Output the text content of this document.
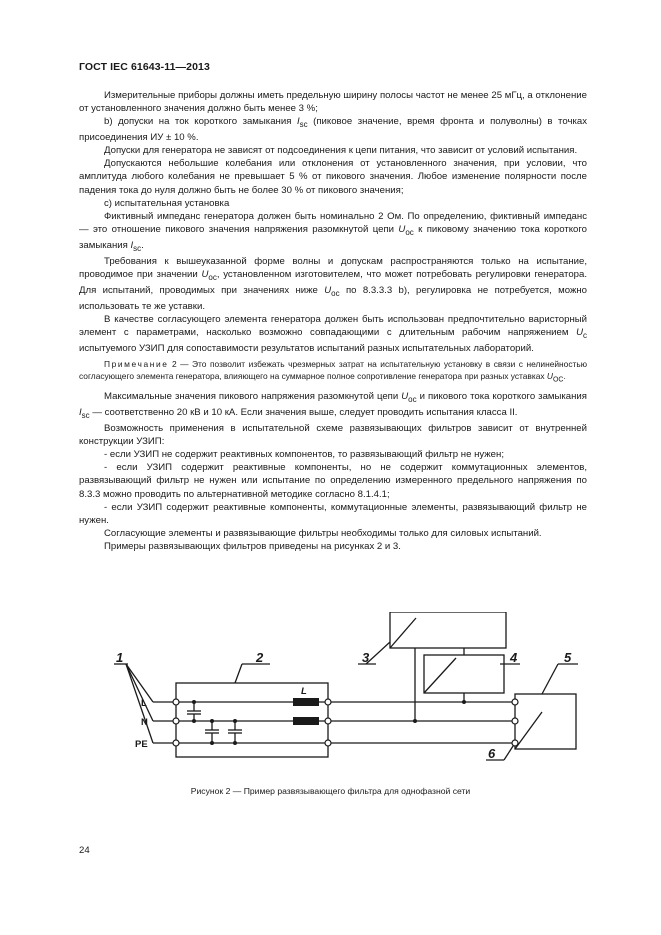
ГОСТ IEC 61643-11—2013

Измерительные приборы должны иметь предельную ширину полосы частот не менее 25 мГц, а отклонение от установленного значения должно быть менее 3 %;

b) допуски на ток короткого замыкания $I_{sc}$ (пиковое значение, время фронта и полуволны) в точках присоединения ИУ ± 10 %.

Допуски для генератора не зависят от подсоединения к цепи питания, что зависит от условий испытания.

Допускаются небольшие колебания или отклонения от установленного значения, при условии, что амплитуда любого колебания не превышает 5 % от пикового значения. Любое изменение полярности после падения тока до нуля должно быть не более 30 % от пикового значения;

c) испытательная установка

Фиктивный импеданс генератора должен быть номинально 2 Ом. По определению, фиктивный импеданс — это отношение пикового значения напряжения разомкнутой цепи $U_{oc}$ к пиковому значению тока короткого замыкания $I_{sc}$.

Требования к вышеуказанной форме волны и допускам распространяются только на испытание, проводимое при значении $U_{oc}$, установленном изготовителем, что может потребовать регулировки генератора. Для испытаний, проводимых при значениях ниже $U_{oc}$ по 8.3.3.3 b), регулировка не потребуется, можно использовать те же уставки.

В качестве согласующего элемента генератора должен быть использован предпочтительно варисторный элемент с параметрами, насколько возможно совпадающими с длительным рабочим напряжением $U_c$ испытуемого УЗИП для сопоставимости результатов испытаний разных испытательных лабораторий.

Примечание 2 — Это позволит избежать чрезмерных затрат на испытательную установку в связи с нелинейностью согласующего элемента генератора, влияющего на суммарное полное сопротивление генератора при разных уставках $U_{OC}$.

Максимальные значения пикового напряжения разомкнутой цепи $U_{oc}$ и пикового тока короткого замыкания $I_{sc}$ — соответственно 20 кВ и 10 кА. Если значения выше, следует проводить испытания класса II.

Возможность применения в испытательной схеме развязывающих фильтров зависит от внутренней конструкции УЗИП:

- если УЗИП не содержит реактивных компонентов, то развязывающий фильтр не нужен;

- если УЗИП содержит реактивные компоненты, но не содержит коммутационных элементов, развязывающий фильтр не нужен или испытание по определению измеренного предельного напряжения по 8.3.3 можно проводить по альтернативной методике согласно 8.1.4.1;

- если УЗИП содержит реактивные компоненты, коммутационные элементы, развязывающий фильтр не нужен.

Согласующие элементы и развязывающие фильтры необходимы только для силовых испытаний.

Примеры развязывающих фильтров приведены на рисунках 2 и 3.

1	2	3	4	5
6
L
N
PE
L
Рисунок 2 — Пример развязывающего фильтра для однофазной сети
24
